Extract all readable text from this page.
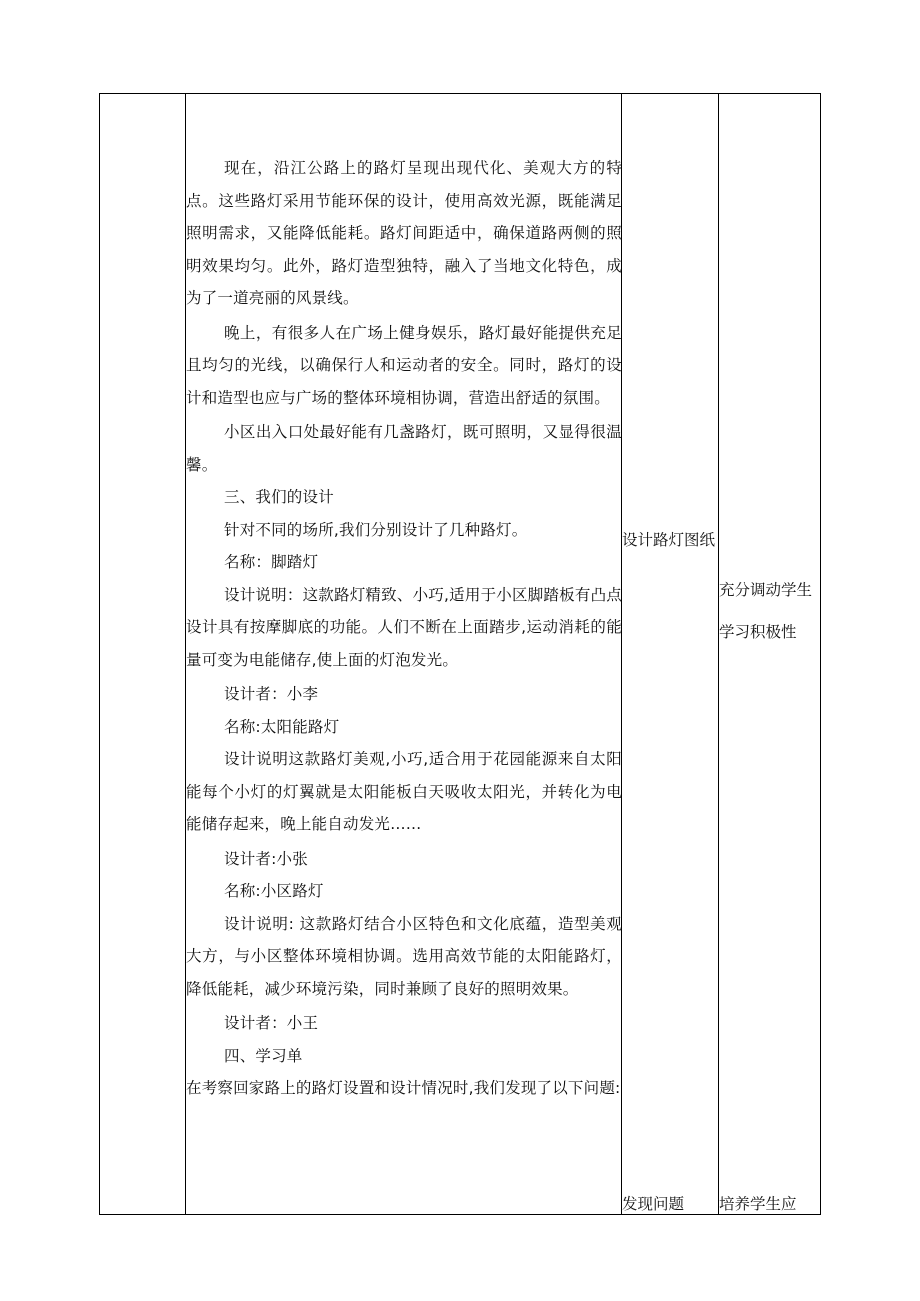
现在，沿江公路上的路灯呈现出现代化、美观大方的特点。这些路灯采用节能环保的设计，使用高效光源，既能满足照明需求，又能降低能耗。路灯间距适中，确保道路两侧的照明效果均匀。此外，路灯造型独特，融入了当地文化特色，成为了一道亮丽的风景线。

晚上，有很多人在广场上健身娱乐，路灯最好能提供充足且均匀的光线，以确保行人和运动者的安全。同时，路灯的设计和造型也应与广场的整体环境相协调，营造出舒适的氛围。

小区出入口处最好能有几盏路灯，既可照明，又显得很温馨。

三、我们的设计

针对不同的场所,我们分别设计了几种路灯。

名称：脚踏灯

设计说明：这款路灯精致、小巧,适用于小区脚踏板有凸点设计具有按摩脚底的功能。人们不断在上面踏步,运动消耗的能量可变为电能储存,使上面的灯泡发光。

设计者：小李

名称:太阳能路灯

设计说明这款路灯美观,小巧,适合用于花园能源来自太阳能每个小灯的灯翼就是太阳能板白天吸收太阳光，并转化为电能储存起来，晚上能自动发光……

设计者:小张

名称:小区路灯

设计说明: 这款路灯结合小区特色和文化底蕴，造型美观大方，与小区整体环境相协调。选用高效节能的太阳能路灯，降低能耗，减少环境污染，同时兼顾了良好的照明效果。

设计者：小王

四、学习单

在考察回家路上的路灯设置和设计情况时,我们发现了以下问题:

设计路灯图纸

发现问题

充分调动学生学习积极性

培养学生应
